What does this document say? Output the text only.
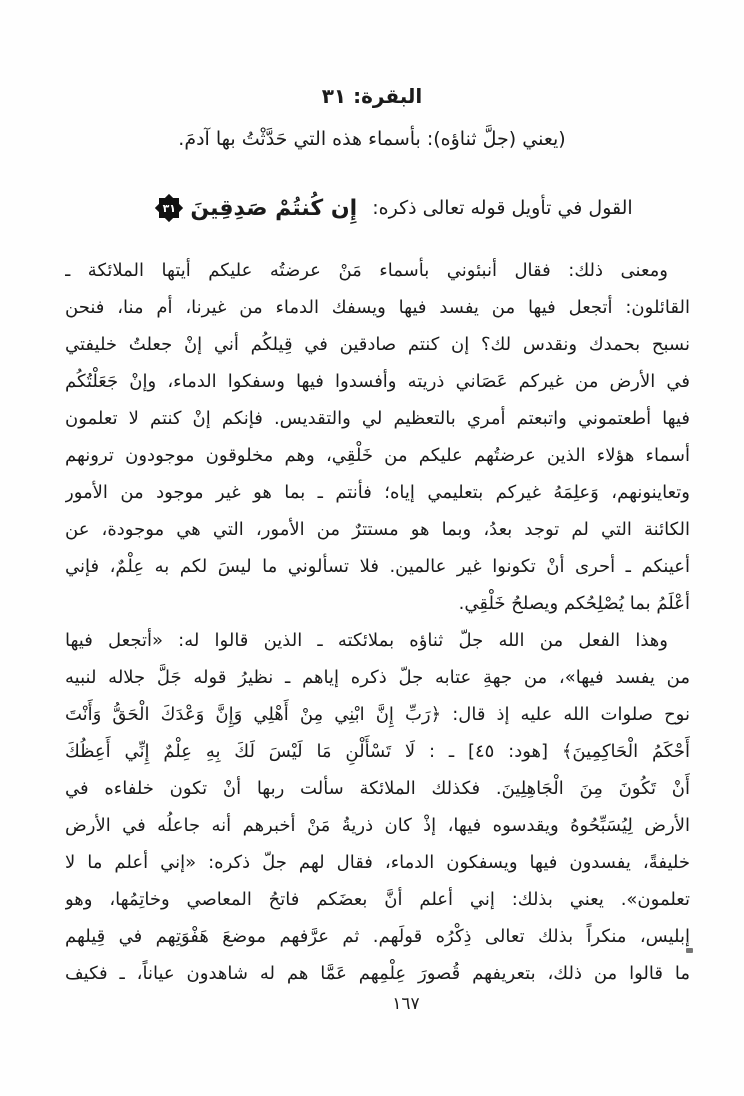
البقرة: ٣١
(يعني (جلَّ ثناؤه): بأسماء هذه التي حَدَّثْتُ بها آدمَ.
القول في تأويل قوله تعالى ذكره: إِن كُنتُمْ صَدِقِينَ
٣١
ومعنى ذلك: فقال أنبئوني بأسماء مَنْ عرضتُه عليكم أيتها الملائكة ـ
القائلون: أتجعل فيها من يفسد فيها ويسفك الدماء من غيرنا، أم منا، فنحن
نسبح بحمدك ونقدس لك؟ إن كنتم صادقين في قِيلكُم أني إنْ جعلتُ خليفتي
في الأرض من غيركم عَصَاني ذريته وأفسدوا فيها وسفكوا الدماء، وإنْ جَعَلْتُكُم
فيها أطعتموني واتبعتم أمري بالتعظيم لي والتقديس. فإنكم إنْ كنتم لا تعلمون
أسماء هؤلاء الذين عرضتُهم عليكم من خَلْقِي، وهم مخلوقون موجودون ترونهم
وتعاينونهم، وَعلِمَهُ غيركم بتعليمي إياه؛ فأنتم ـ بما هو غير موجود من الأمور
الكائنة التي لم توجد بعدُ، وبما هو مستترٌ من الأمور، التي هي موجودة، عن
أعينكم ـ أحرى أنْ تكونوا غير عالمين. فلا تسألوني ما ليسَ لكم به عِلْمٌ، فإني
أعْلَمُ بما يُصْلِحُكم ويصلحُ خَلْقِي.
وهذا الفعل من الله جلّ ثناؤه بملائكته ـ الذين قالوا له: «أتجعل فيها
من يفسد فيها»، من جهةِ عتابه جلّ ذكره إياهم ـ نظيرُ قوله جَلَّ جلاله لنبيه
نوح صلوات الله عليه إذ قال: ﴿رَبِّ إِنَّ ابْنِي مِنْ أَهْلِي وَإِنَّ وَعْدَكَ الْحَقُّ وَأَنْتَ
أَحْكَمُ الْحَاكِمِينَ﴾ [هود: ٤٥] ـ : لَا تَسْأَلْنِ مَا لَيْسَ لَكَ بِهِ عِلْمٌ إِنِّي أَعِظُكَ
أَنْ تَكُونَ مِنَ الْجَاهِلِينَ. فكذلك الملائكة سألت ربها أنْ تكون خلفاءه في
الأرض لِيُسَبِّحُوهُ ويقدسوه فيها، إذْ كان ذريةُ مَنْ أخبرهم أنه جاعلُه في الأرض
خليفةً، يفسدون فيها ويسفكون الدماء، فقال لهم جلّ ذكره: «إني أعلم ما لا
تعلمون». يعني بذلك: إني أعلم أنَّ بعضَكم فاتحُ المعاصي وخاتِمُها، وهو
إبليس، منكراً بذلك تعالى ذِكْرُه قولَهم. ثم عرَّفهم موضعَ هَفْوَتِهم في قِيلهم
ما قالوا من ذلك، بتعريفهم قُصورَ عِلْمِهم عَمَّا هم له شاهدون عياناً، ـ فكيف
١٦٧
